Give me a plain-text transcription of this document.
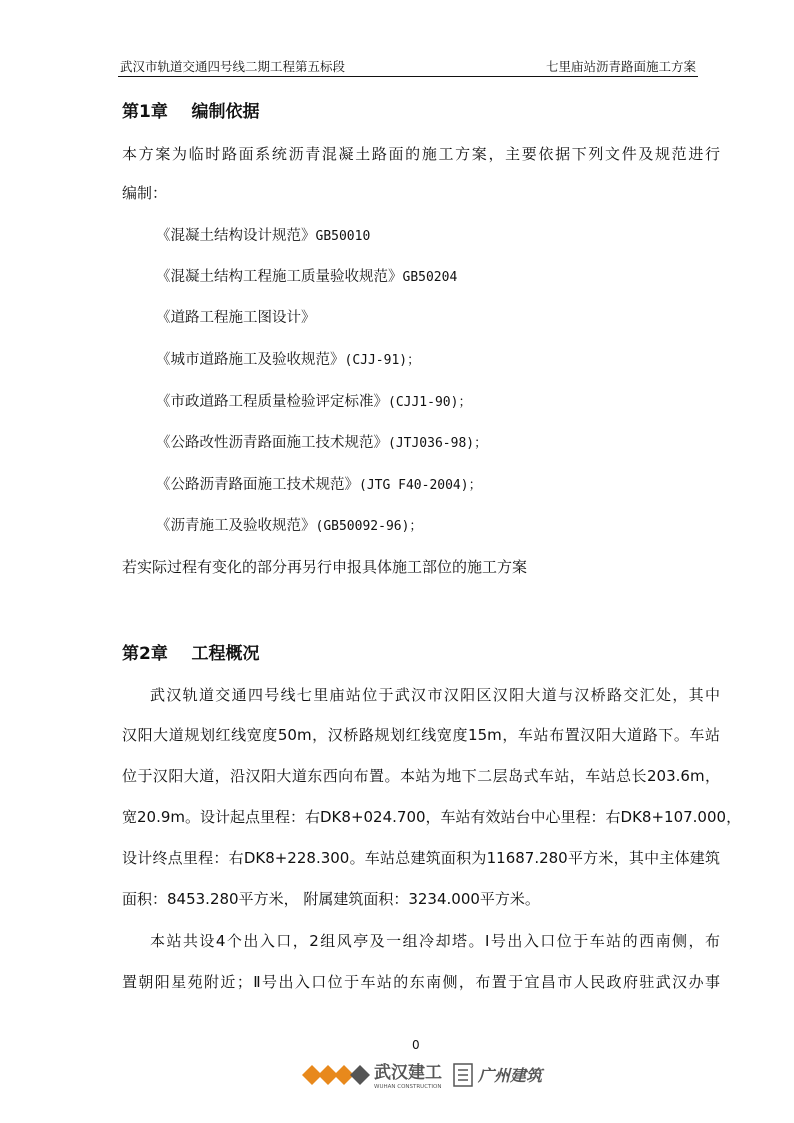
武汉市轨道交通四号线二期工程第五标段	七里庙站沥青路面施工方案
第1章    编制依据
本方案为临时路面系统沥青混凝土路面的施工方案，主要依据下列文件及规范进行
编制：
《混凝土结构设计规范》GB50010
《混凝土结构工程施工质量验收规范》GB50204
《道路工程施工图设计》
《城市道路施工及验收规范》(CJJ-91)；
《市政道路工程质量检验评定标准》(CJJ1-90)；
《公路改性沥青路面施工技术规范》(JTJ036-98)；
《公路沥青路面施工技术规范》(JTG F40-2004)；
《沥青施工及验收规范》(GB50092-96)；
若实际过程有变化的部分再另行申报具体施工部位的施工方案
第2章    工程概况
武汉轨道交通四号线七里庙站位于武汉市汉阳区汉阳大道与汉桥路交汇处，其中
汉阳大道规划红线宽度50m，汉桥路规划红线宽度15m，车站布置汉阳大道路下。车站
位于汉阳大道，沿汉阳大道东西向布置。本站为地下二层岛式车站，车站总长203.6m，
宽20.9m。设计起点里程：右DK8+024.700，车站有效站台中心里程：右DK8+107.000，
设计终点里程：右DK8+228.300。车站总建筑面积为11687.280平方米，其中主体建筑
面积：8453.280平方米， 附属建筑面积：3234.000平方米。
本站共设4个出入口，2组风亭及一组冷却塔。Ⅰ号出入口位于车站的西南侧，布
置朝阳星苑附近；Ⅱ号出入口位于车站的东南侧，布置于宜昌市人民政府驻武汉办事
0
武汉建工
WUHAN CONSTRUCTION
广州建筑
